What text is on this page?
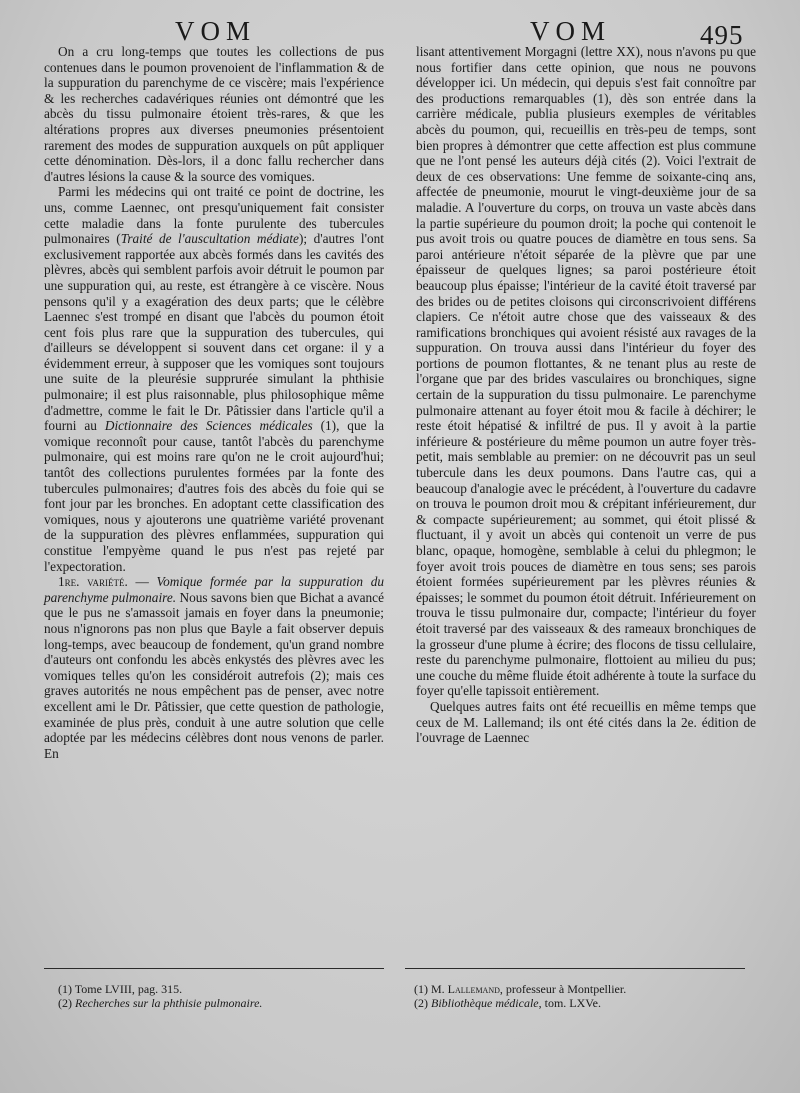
VOM	VOM	495

On a cru long-temps que toutes les collections de pus contenues dans le poumon provenoient de l'inflammation & de la suppuration du parenchyme de ce viscère; mais l'expérience & les recherches cadavériques réunies ont démontré que les abcès du tissu pulmonaire étoient très-rares, & que les altérations propres aux diverses pneumonies présentoient rarement des modes de suppuration auxquels on pût appliquer cette dénomination. Dès-lors, il a donc fallu rechercher dans d'autres lésions la cause & la source des vomiques.

Parmi les médecins qui ont traité ce point de doctrine, les uns, comme Laennec, ont presqu'uniquement fait consister cette maladie dans la fonte purulente des tubercules pulmonaires (Traité de l'auscultation médiate); d'autres l'ont exclusivement rapportée aux abcès formés dans les cavités des plèvres, abcès qui semblent parfois avoir détruit le poumon par une suppuration qui, au reste, est étrangère à ce viscère. Nous pensons qu'il y a exagération des deux parts; que le célèbre Laennec s'est trompé en disant que l'abcès du poumon étoit cent fois plus rare que la suppuration des tubercules, qui d'ailleurs se développent si souvent dans cet organe: il y a évidemment erreur, à supposer que les vomiques sont toujours une suite de la pleurésie supprurée simulant la phthisie pulmonaire; il est plus raisonnable, plus philosophique même d'admettre, comme le fait le Dr. Pâtissier dans l'article qu'il a fourni au Dictionnaire des Sciences médicales (1), que la vomique reconnoît pour cause, tantôt l'abcès du parenchyme pulmonaire, qui est moins rare qu'on ne le croit aujourd'hui; tantôt des collections purulentes formées par la fonte des tubercules pulmonaires; d'autres fois des abcès du foie qui se font jour par les bronches. En adoptant cette classification des vomiques, nous y ajouterons une quatrième variété provenant de la suppuration des plèvres enflammées, suppuration qui constitue l'empyème quand le pus n'est pas rejeté par l'expectoration.

1re. variété. — Vomique formée par la suppuration du parenchyme pulmonaire. Nous savons bien que Bichat a avancé que le pus ne s'amassoit jamais en foyer dans la pneumonie; nous n'ignorons pas non plus que Bayle a fait observer depuis long-temps, avec beaucoup de fondement, qu'un grand nombre d'auteurs ont confondu les abcès enkystés des plèvres avec les vomiques telles qu'on les considéroit autrefois (2); mais ces graves autorités ne nous empêchent pas de penser, avec notre excellent ami le Dr. Pâtissier, que cette question de pathologie, examinée de plus près, conduit à une autre solution que celle adoptée par les médecins célèbres dont nous venons de parler. En

lisant attentivement Morgagni (lettre XX), nous n'avons pu que nous fortifier dans cette opinion, que nous ne pouvons développer ici. Un médecin, qui depuis s'est fait connoître par des productions remarquables (1), dès son entrée dans la carrière médicale, publia plusieurs exemples de véritables abcès du poumon, qui, recueillis en très-peu de temps, sont bien propres à démontrer que cette affection est plus commune que ne l'ont pensé les auteurs déjà cités (2). Voici l'extrait de deux de ces observations: Une femme de soixante-cinq ans, affectée de pneumonie, mourut le vingt-deuxième jour de sa maladie. A l'ouverture du corps, on trouva un vaste abcès dans la partie supérieure du poumon droit; la poche qui contenoit le pus avoit trois ou quatre pouces de diamètre en tous sens. Sa paroi antérieure n'étoit séparée de la plèvre que par une épaisseur de quelques lignes; sa paroi postérieure étoit beaucoup plus épaisse; l'intérieur de la cavité étoit traversé par des brides ou de petites cloisons qui circonscrivoient différens clapiers. Ce n'étoit autre chose que des vaisseaux & des ramifications bronchiques qui avoient résisté aux ravages de la suppuration. On trouva aussi dans l'intérieur du foyer des portions de poumon flottantes, & ne tenant plus au reste de l'organe que par des brides vasculaires ou bronchiques, signe certain de la suppuration du tissu pulmonaire. Le parenchyme pulmonaire attenant au foyer étoit mou & facile à déchirer; le reste étoit hépatisé & infiltré de pus. Il y avoit à la partie inférieure & postérieure du même poumon un autre foyer très-petit, mais semblable au premier: on ne découvrit pas un seul tubercule dans les deux poumons. Dans l'autre cas, qui a beaucoup d'analogie avec le précédent, à l'ouverture du cadavre on trouva le poumon droit mou & crépitant inférieurement, dur & compacte supérieurement; au sommet, qui étoit plissé & fluctuant, il y avoit un abcès qui contenoit un verre de pus blanc, opaque, homogène, semblable à celui du phlegmon; le foyer avoit trois pouces de diamètre en tous sens; ses parois étoient formées supérieurement par les plèvres réunies & épaisses; le sommet du poumon étoit détruit. Inférieurement on trouva le tissu pulmonaire dur, compacte; l'intérieur du foyer étoit traversé par des vaisseaux & des rameaux bronchiques de la grosseur d'une plume à écrire; des flocons de tissu cellulaire, reste du parenchyme pulmonaire, flottoient au milieu du pus; une couche du même fluide étoit adhérente à toute la surface du foyer qu'elle tapissoit entièrement.

Quelques autres faits ont été recueillis en même temps que ceux de M. Lallemand; ils ont été cités dans la 2e. édition de l'ouvrage de Laennec

(1) Tome LVIII, pag. 315.
(2) Recherches sur la phthisie pulmonaire.
(1) M. Lallemand, professeur à Montpellier.
(2) Bibliothèque médicale, tom. LXVe.
